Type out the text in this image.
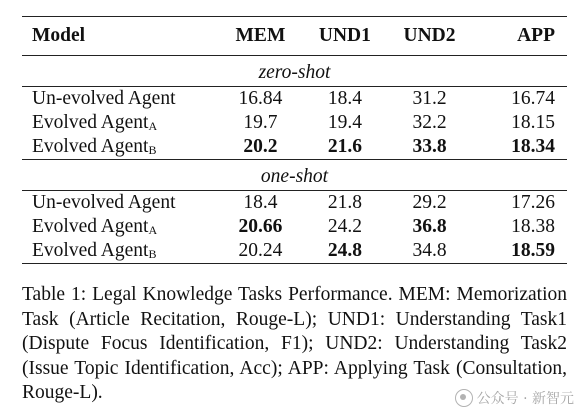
Model	MEM	UND1	UND2	APP
zero-shot				
Un-evolved Agent	16.84	18.4	31.2	16.74
Evolved Agent$_A$	19.7	19.4	32.2	18.15
Evolved Agent$_B$	20.2	21.6	33.8	18.34
one-shot				
Un-evolved Agent	18.4	21.8	29.2	17.26
Evolved Agent$_A$	20.66	24.2	36.8	18.38
Evolved Agent$_B$	20.24	24.8	34.8	18.59
Table 1: Legal Knowledge Tasks Performance. MEM: Memorization Task (Article Recitation, Rouge-L); UND1: Understanding Task1 (Dispute Focus Identification, F1); UND2: Understanding Task2 (Issue Topic Identification, Acc); APP: Applying Task (Consultation, Rouge-L).	公众号 · 新智元
